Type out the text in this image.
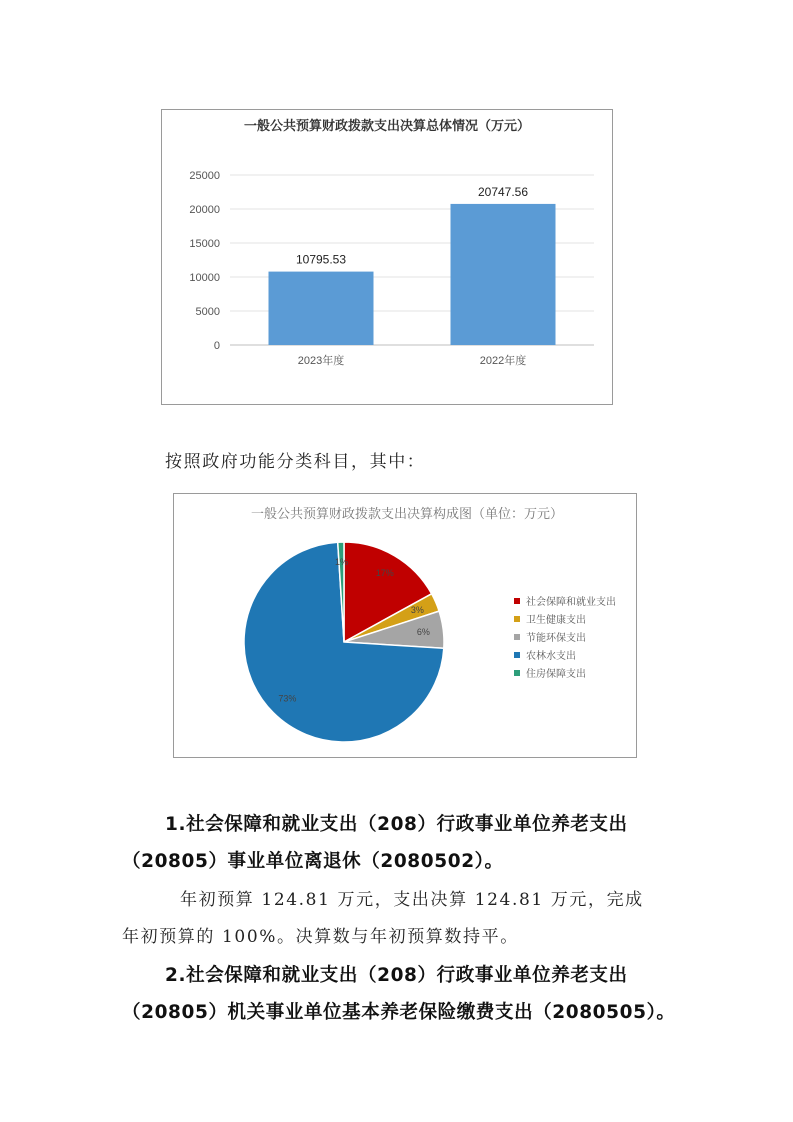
一般公共预算财政拨款支出决算总体情况（万元）
0
5000
10000
15000
20000
25000
10795.53
2023年度
20747.56
2022年度
按照政府功能分类科目，其中：
一般公共预算财政拨款支出决算构成图（单位：万元）
17%
3%
6%
73%
1%
社会保障和就业支出
卫生健康支出
节能环保支出
农林水支出
住房保障支出
1.社会保障和就业支出（208）行政事业单位养老支出
（20805）事业单位离退休（2080502）。
年初预算 124.81 万元，支出决算 124.81 万元，完成
年初预算的 100%。决算数与年初预算数持平。
2.社会保障和就业支出（208）行政事业单位养老支出
（20805）机关事业单位基本养老保险缴费支出（2080505）。
